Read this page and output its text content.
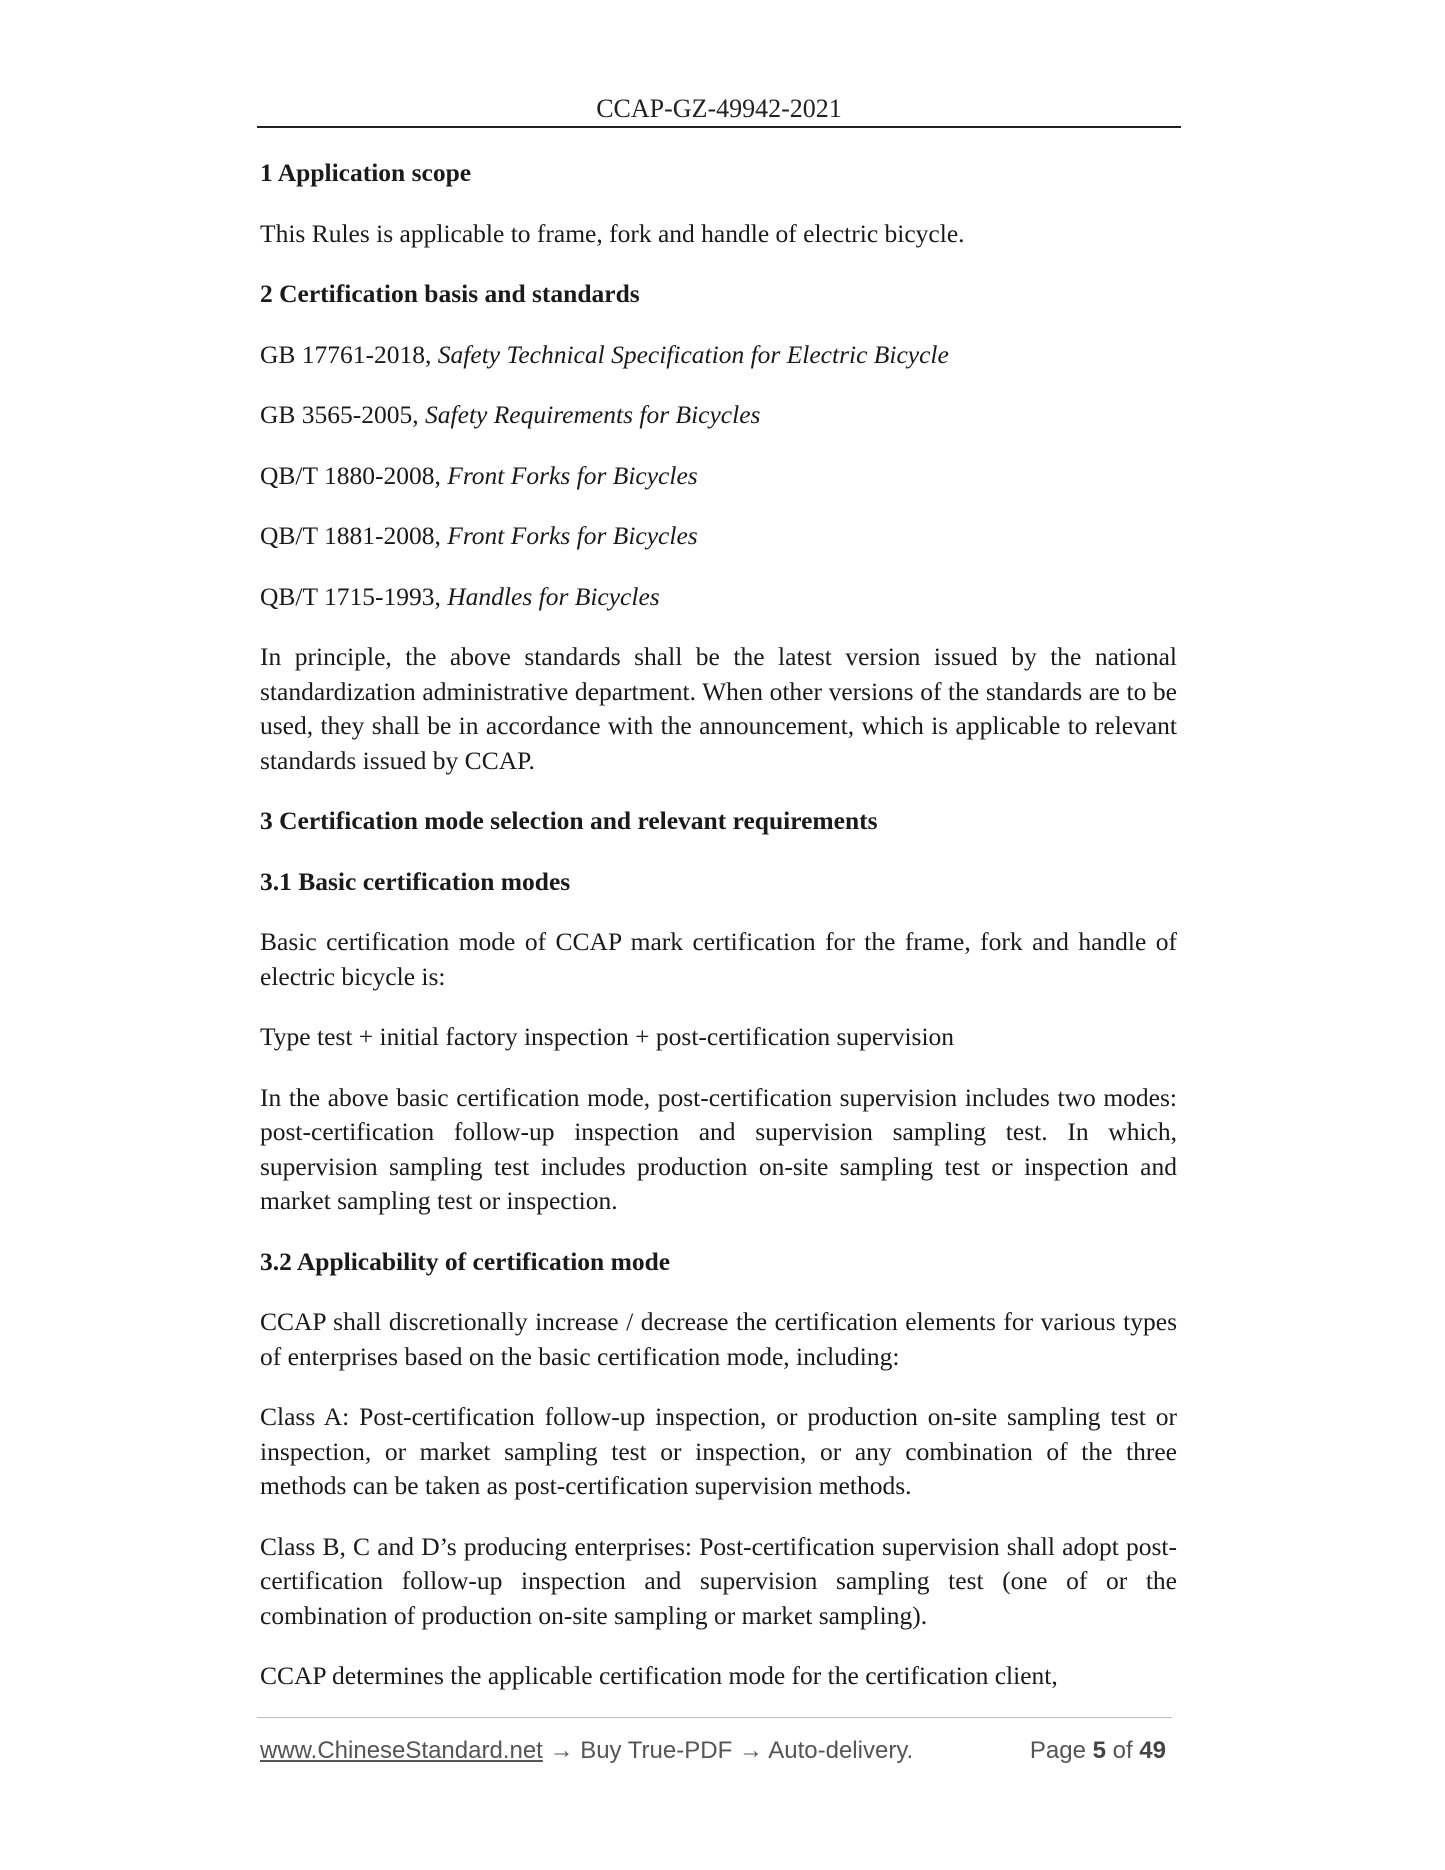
CCAP-GZ-49942-2021
1 Application scope
This Rules is applicable to frame, fork and handle of electric bicycle.
2 Certification basis and standards
GB 17761-2018, Safety Technical Specification for Electric Bicycle
GB 3565-2005, Safety Requirements for Bicycles
QB/T 1880-2008, Front Forks for Bicycles
QB/T 1881-2008, Front Forks for Bicycles
QB/T 1715-1993, Handles for Bicycles
In principle, the above standards shall be the latest version issued by the national standardization administrative department. When other versions of the standards are to be used, they shall be in accordance with the announcement, which is applicable to relevant standards issued by CCAP.
3 Certification mode selection and relevant requirements
3.1 Basic certification modes
Basic certification mode of CCAP mark certification for the frame, fork and handle of electric bicycle is:
Type test + initial factory inspection + post-certification supervision
In the above basic certification mode, post-certification supervision includes two modes: post-certification follow-up inspection and supervision sampling test. In which, supervision sampling test includes production on-site sampling test or inspection and market sampling test or inspection.
3.2 Applicability of certification mode
CCAP shall discretionally increase / decrease the certification elements for various types of enterprises based on the basic certification mode, including:
Class A: Post-certification follow-up inspection, or production on-site sampling test or inspection, or market sampling test or inspection, or any combination of the three methods can be taken as post-certification supervision methods.
Class B, C and D’s producing enterprises: Post-certification supervision shall adopt post-certification follow-up inspection and supervision sampling test (one of or the combination of production on-site sampling or market sampling).
CCAP determines the applicable certification mode for the certification client,
www.ChineseStandard.net → Buy True-PDF → Auto-delivery.	Page 5 of 49
